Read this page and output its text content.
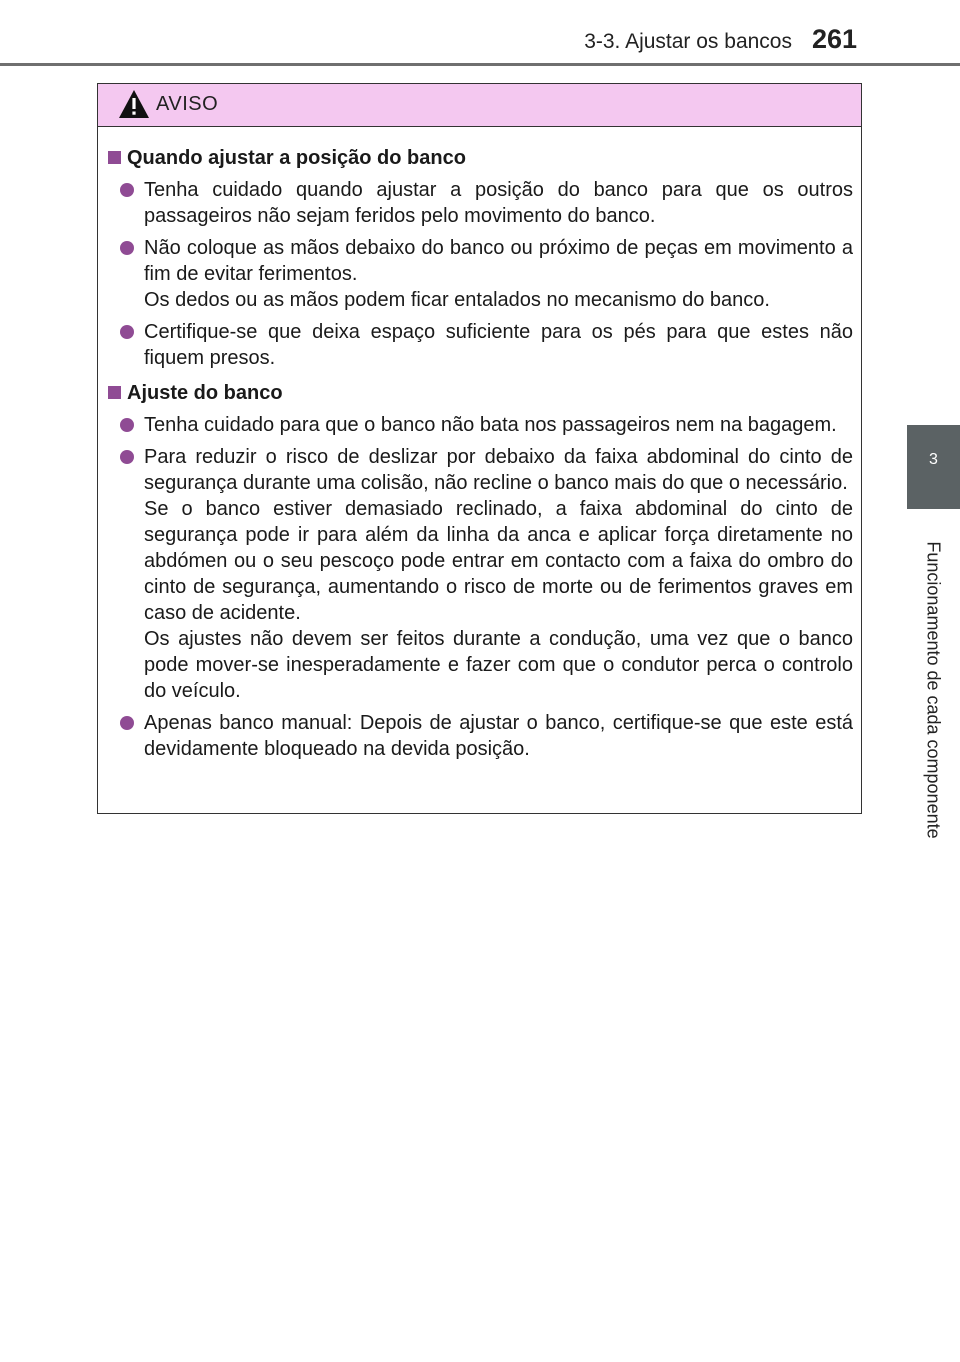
3-3. Ajustar os bancos 261
3
Funcionamento de cada componente
AVISO
Quando ajustar a posição do banco

Tenha cuidado quando ajustar a posição do banco para que os outros passageiros não sejam feridos pelo movimento do banco.

Não coloque as mãos debaixo do banco ou próximo de peças em movimento a fim de evitar ferimentos.

Os dedos ou as mãos podem ficar entalados no mecanismo do banco.

Certifique-se que deixa espaço suficiente para os pés para que estes não fiquem presos.

Ajuste do banco

Tenha cuidado para que o banco não bata nos passageiros nem na bagagem.

Para reduzir o risco de deslizar por debaixo da faixa abdominal do cinto de segurança durante uma colisão, não recline o banco mais do que o necessário.

Se o banco estiver demasiado reclinado, a faixa abdominal do cinto de segurança pode ir para além da linha da anca e aplicar força diretamente no abdómen ou o seu pescoço pode entrar em contacto com a faixa do ombro do cinto de segurança, aumentando o risco de morte ou de ferimentos graves em caso de acidente.

Os ajustes não devem ser feitos durante a condução, uma vez que o banco pode mover-se inesperadamente e fazer com que o condutor perca o controlo do veículo.

Apenas banco manual: Depois de ajustar o banco, certifique-se que este está devidamente bloqueado na devida posição.
